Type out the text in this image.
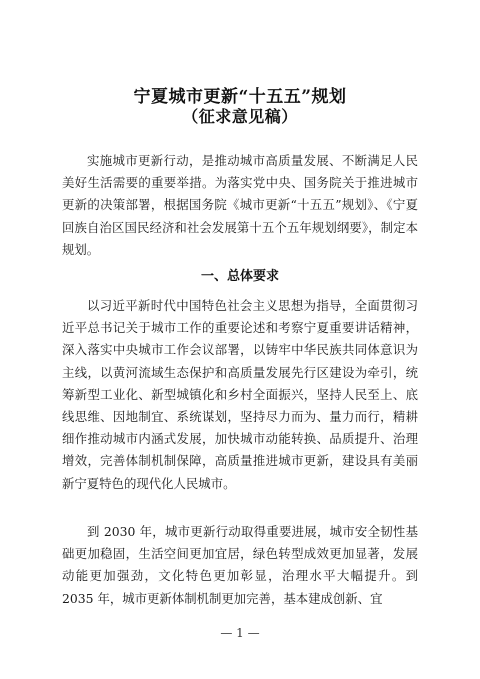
宁夏城市更新“十五五”规划
（征求意见稿）

实施城市更新行动，是推动城市高质量发展、不断满足人民美好生活需要的重要举措。为落实党中央、国务院关于推进城市更新的决策部署，根据国务院《城市更新“十五五”规划》、《宁夏回族自治区国民经济和社会发展第十五个五年规划纲要》，制定本规划。

一、总体要求

以习近平新时代中国特色社会主义思想为指导，全面贯彻习近平总书记关于城市工作的重要论述和考察宁夏重要讲话精神，深入落实中央城市工作会议部署，以铸牢中华民族共同体意识为主线，以黄河流域生态保护和高质量发展先行区建设为牵引，统筹新型工业化、新型城镇化和乡村全面振兴，坚持人民至上、底线思维、因地制宜、系统谋划，坚持尽力而为、量力而行，精耕细作推动城市内涵式发展，加快城市动能转换、品质提升、治理增效，完善体制机制保障，高质量推进城市更新，建设具有美丽新宁夏特色的现代化人民城市。

到 2030 年，城市更新行动取得重要进展，城市安全韧性基础更加稳固，生活空间更加宜居，绿色转型成效更加显著，发展动能更加强劲，文化特色更加彰显，治理水平大幅提升。到 2035 年，城市更新体制机制更加完善，基本建成创新、宜

— 1 —
